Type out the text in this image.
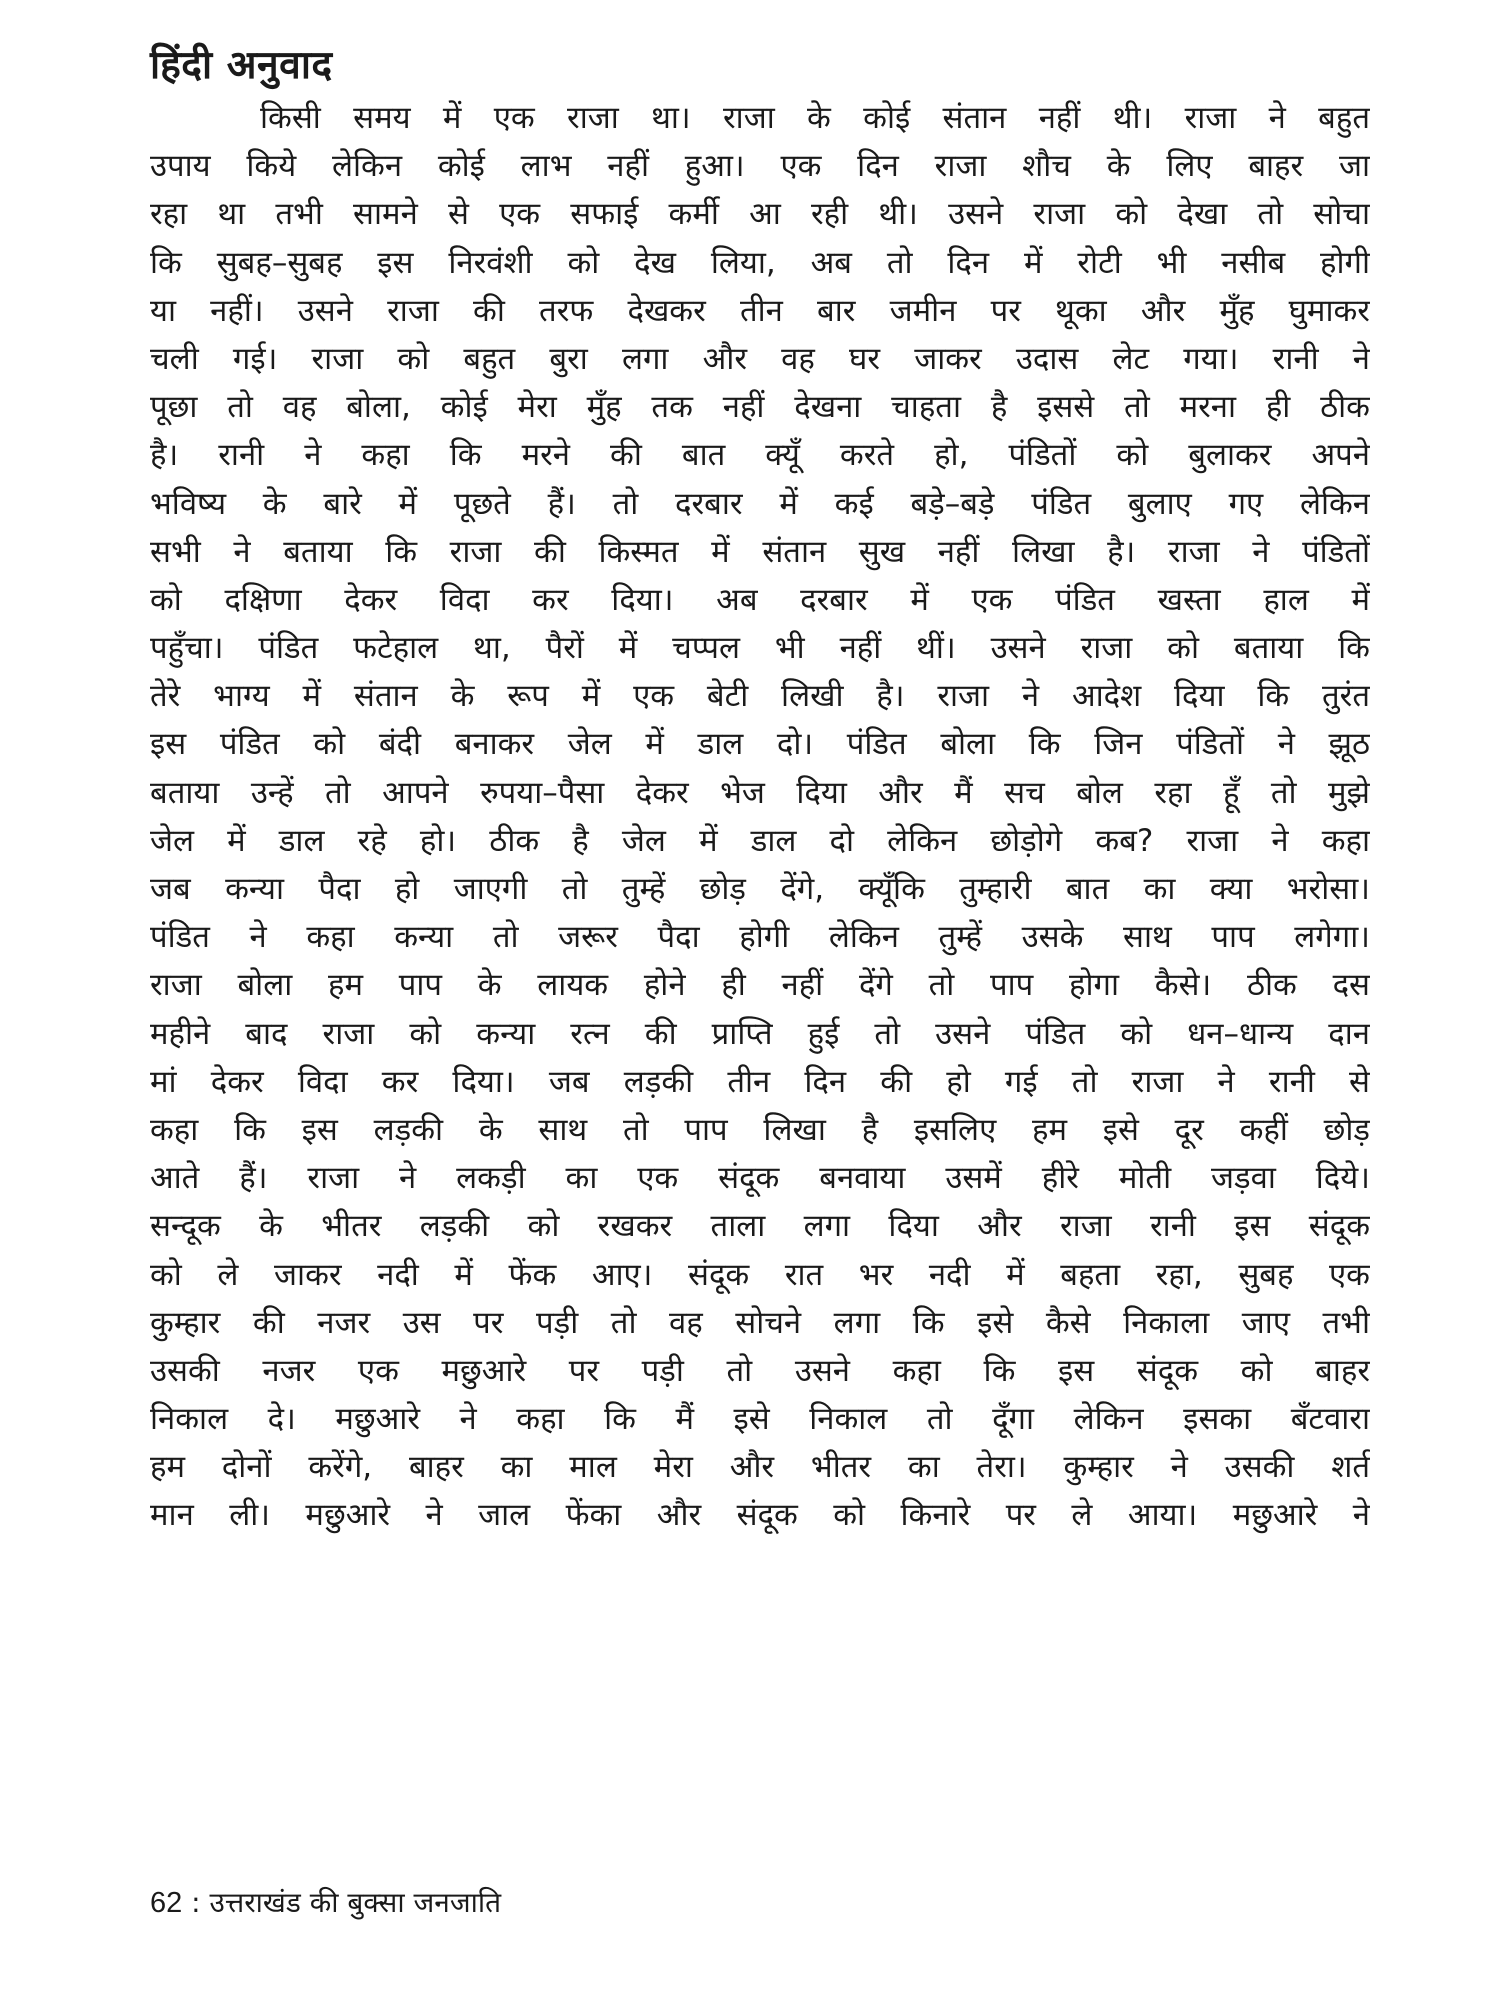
हिंदी अनुवाद
किसी समय में एक राजा था। राजा के कोई संतान नहीं थी। राजा ने बहुत
उपाय किये लेकिन कोई लाभ नहीं हुआ। एक दिन राजा शौच के लिए बाहर जा
रहा था तभी सामने से एक सफाई कर्मी आ रही थी। उसने राजा को देखा तो सोचा
कि सुबह–सुबह इस निरवंशी को देख लिया, अब तो दिन में रोटी भी नसीब होगी
या नहीं। उसने राजा की तरफ देखकर तीन बार जमीन पर थूका और मुँह घुमाकर
चली गई। राजा को बहुत बुरा लगा और वह घर जाकर उदास लेट गया। रानी ने
पूछा तो वह बोला, कोई मेरा मुँह तक नहीं देखना चाहता है इससे तो मरना ही ठीक
है। रानी ने कहा कि मरने की बात क्यूँ करते हो, पंडितों को बुलाकर अपने
भविष्य के बारे में पूछते हैं। तो दरबार में कई बड़े–बड़े पंडित बुलाए गए लेकिन
सभी ने बताया कि राजा की किस्मत में संतान सुख नहीं लिखा है। राजा ने पंडितों
को दक्षिणा देकर विदा कर दिया। अब दरबार में एक पंडित खस्ता हाल में
पहुँचा। पंडित फटेहाल था, पैरों में चप्पल भी नहीं थीं। उसने राजा को बताया कि
तेरे भाग्य में संतान के रूप में एक बेटी लिखी है। राजा ने आदेश दिया कि तुरंत
इस पंडित को बंदी बनाकर जेल में डाल दो। पंडित बोला कि जिन पंडितों ने झूठ
बताया उन्हें तो आपने रुपया–पैसा देकर भेज दिया और मैं सच बोल रहा हूँ तो मुझे
जेल में डाल रहे हो। ठीक है जेल में डाल दो लेकिन छोड़ोगे कब? राजा ने कहा
जब कन्या पैदा हो जाएगी तो तुम्हें छोड़ देंगे, क्यूँकि तुम्हारी बात का क्या भरोसा।
पंडित ने कहा कन्या तो जरूर पैदा होगी लेकिन तुम्हें उसके साथ पाप लगेगा।
राजा बोला हम पाप के लायक होने ही नहीं देंगे तो पाप होगा कैसे। ठीक दस
महीने बाद राजा को कन्या रत्न की प्राप्ति हुई तो उसने पंडित को धन–धान्य दान
मां देकर विदा कर दिया। जब लड़की तीन दिन की हो गई तो राजा ने रानी से
कहा कि इस लड़की के साथ तो पाप लिखा है इसलिए हम इसे दूर कहीं छोड़
आते हैं। राजा ने लकड़ी का एक संदूक बनवाया उसमें हीरे मोती जड़वा दिये।
सन्दूक के भीतर लड़की को रखकर ताला लगा दिया और राजा रानी इस संदूक
को ले जाकर नदी में फेंक आए। संदूक रात भर नदी में बहता रहा, सुबह एक
कुम्हार की नजर उस पर पड़ी तो वह सोचने लगा कि इसे कैसे निकाला जाए तभी
उसकी नजर एक मछुआरे पर पड़ी तो उसने कहा कि इस संदूक को बाहर
निकाल दे। मछुआरे ने कहा कि मैं इसे निकाल तो दूँगा लेकिन इसका बँटवारा
हम दोनों करेंगे, बाहर का माल मेरा और भीतर का तेरा। कुम्हार ने उसकी शर्त
मान ली। मछुआरे ने जाल फेंका और संदूक को किनारे पर ले आया। मछुआरे ने
62 : उत्तराखंड की बुक्सा जनजाति
